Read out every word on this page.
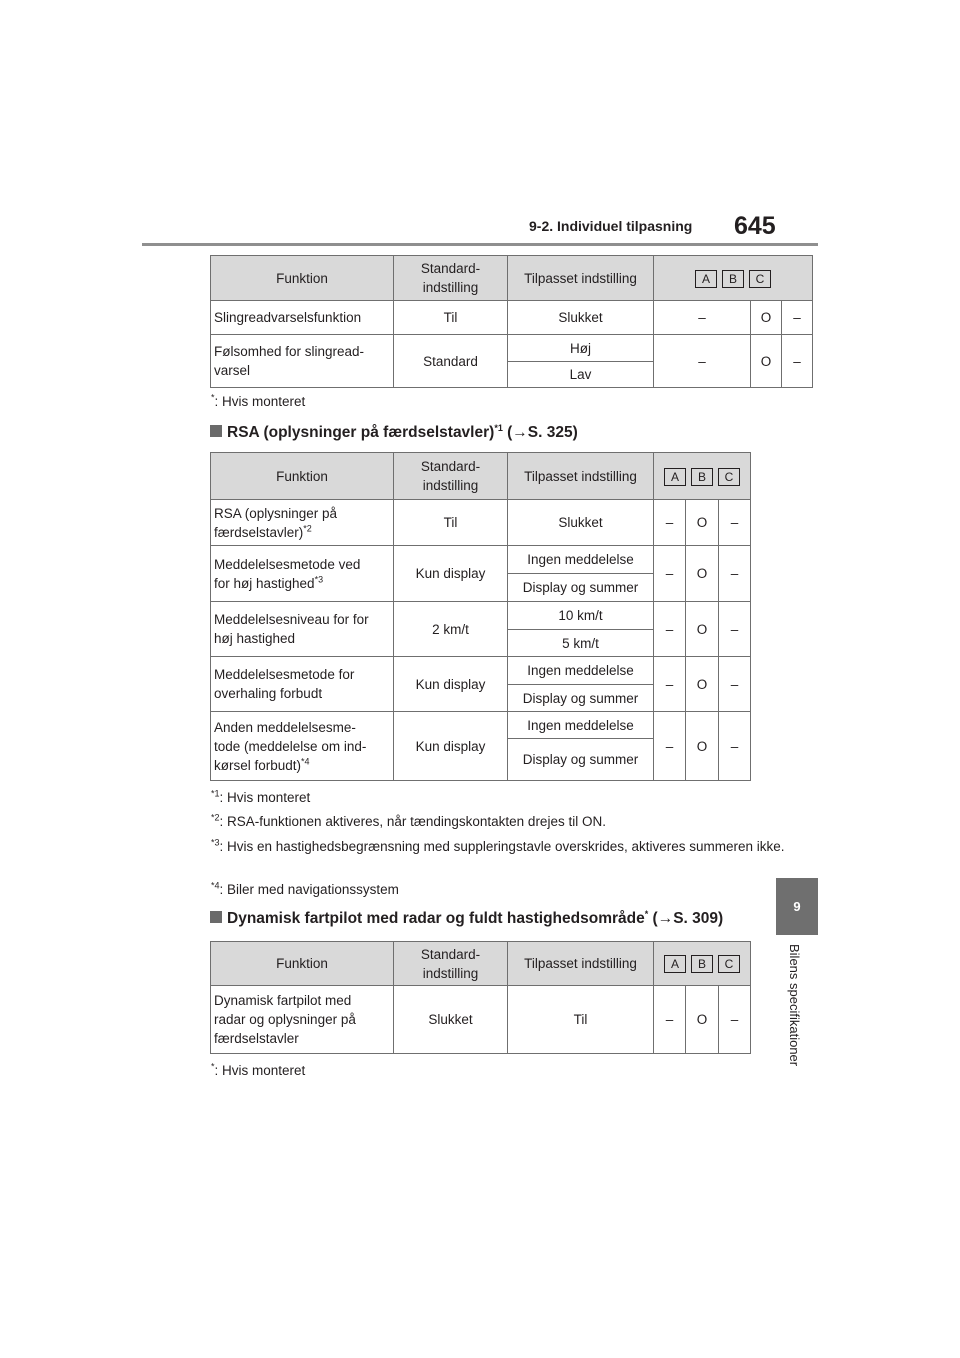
9-2. Individuel tilpasning 645
9
Bilens specifikationer
Funktion	Standard-
indstilling	Tilpasset indstilling	A B C		
Slingreadvarselsfunktion	Til	Slukket	–	O	–
Følsomhed for slingread-
varsel	Standard	Høj	–	O	–
		Lav			
*: Hvis monteret
RSA (oplysninger på færdselstavler)$^{*1}$ (→S. 325)
Funktion	Standard-
indstilling	Tilpasset indstilling	A B C		
RSA (oplysninger på
færdselstavler)$^{*2}$	Til	Slukket	–	O	–
Meddelelsesmetode ved
for høj hastighed$^{*3}$	Kun display	Ingen meddelelse	–	O	–
		Display og summer			
Meddelelsesniveau for for
høj hastighed	2 km/t	10 km/t	–	O	–
		5 km/t			
Meddelelsesmetode for
overhaling forbudt	Kun display	Ingen meddelelse	–	O	–
		Display og summer			
Anden meddelelsesme-
tode (meddelelse om ind-
kørsel forbudt)$^{*4}$	Kun display	Ingen meddelelse	–	O	–
		Display og summer			
$^{*1}$: Hvis monteret
$^{*2}$: RSA-funktionen aktiveres, når tændingskontakten drejes til ON.
$^{*3}$: Hvis en hastighedsbegrænsning med suppleringstavle overskrides, aktiveres summeren ikke.
$^{*4}$: Biler med navigationssystem
Dynamisk fartpilot med radar og fuldt hastighedsområde* (→S. 309)
Funktion	Standard-
indstilling	Tilpasset indstilling	A B C		
Dynamisk fartpilot med
radar og oplysninger på
færdselstavler	Slukket	Til	–	O	–
*: Hvis monteret
